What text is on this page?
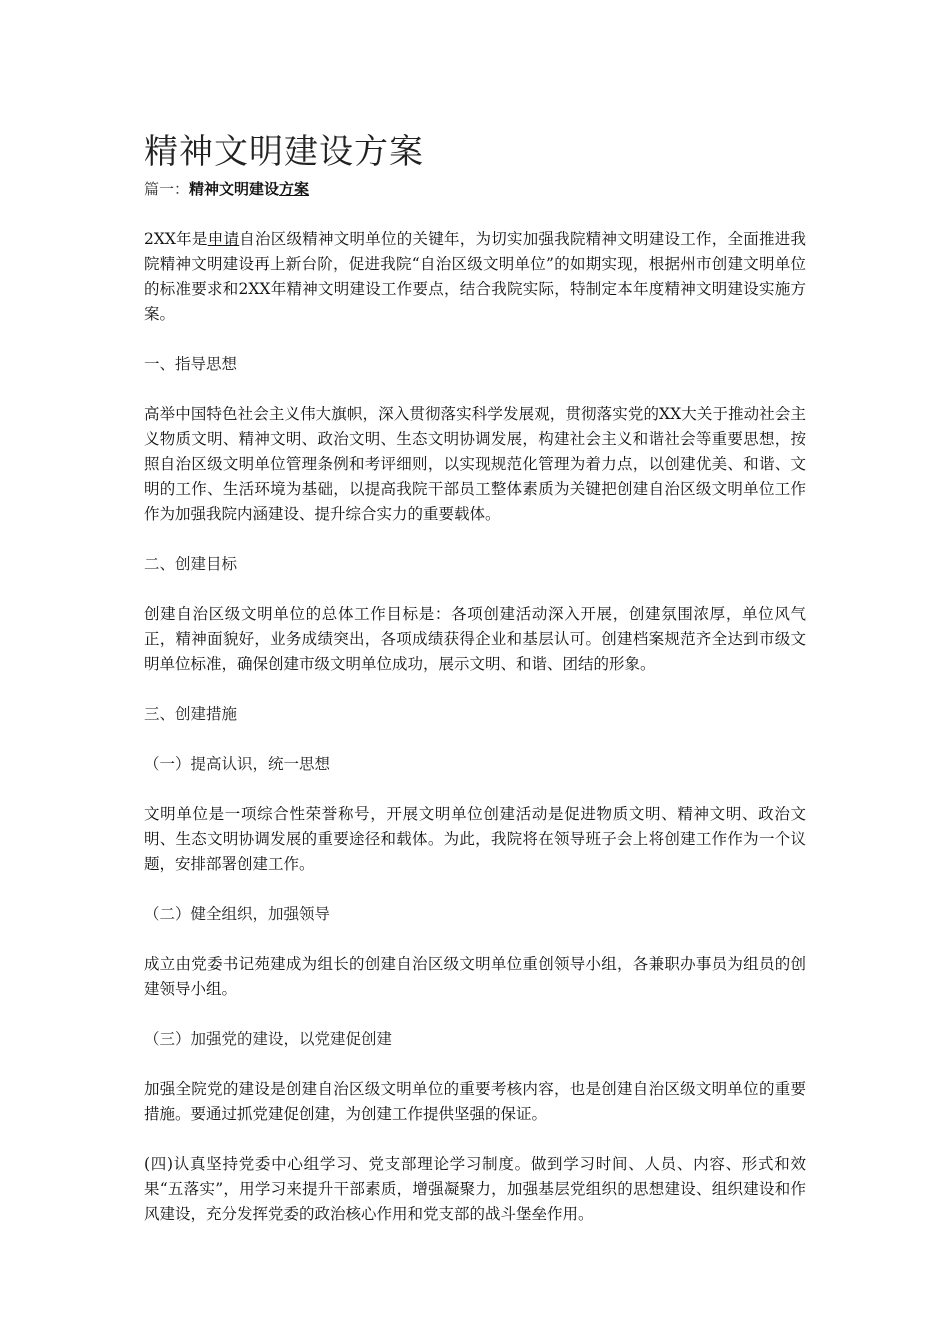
精神文明建设方案
篇一：精神文明建设方案

2XX年是申请自治区级精神文明单位的关键年，为切实加强我院精神文明建设工作，全面推进我院精神文明建设再上新台阶，促进我院“自治区级文明单位”的如期实现，根据州市创建文明单位的标准要求和2XX年精神文明建设工作要点，结合我院实际，特制定本年度精神文明建设实施方案。

一、指导思想

高举中国特色社会主义伟大旗帜，深入贯彻落实科学发展观，贯彻落实党的XX大关于推动社会主义物质文明、精神文明、政治文明、生态文明协调发展，构建社会主义和谐社会等重要思想，按照自治区级文明单位管理条例和考评细则，以实现规范化管理为着力点，以创建优美、和谐、文明的工作、生活环境为基础，以提高我院干部员工整体素质为关键把创建自治区级文明单位工作作为加强我院内涵建设、提升综合实力的重要载体。

二、创建目标

创建自治区级文明单位的总体工作目标是：各项创建活动深入开展，创建氛围浓厚，单位风气正，精神面貌好，业务成绩突出，各项成绩获得企业和基层认可。创建档案规范齐全达到市级文明单位标准，确保创建市级文明单位成功，展示文明、和谐、团结的形象。

三、创建措施
（一）提高认识，统一思想

文明单位是一项综合性荣誉称号，开展文明单位创建活动是促进物质文明、精神文明、政治文明、生态文明协调发展的重要途径和载体。为此，我院将在领导班子会上将创建工作作为一个议题，安排部署创建工作。

（二）健全组织，加强领导

成立由党委书记苑建成为组长的创建自治区级文明单位重创领导小组，各兼职办事员为组员的创建领导小组。

（三）加强党的建设，以党建促创建

加强全院党的建设是创建自治区级文明单位的重要考核内容，也是创建自治区级文明单位的重要措施。要通过抓党建促创建，为创建工作提供坚强的保证。

(四)认真坚持党委中心组学习、党支部理论学习制度。做到学习时间、人员、内容、形式和效果“五落实”，用学习来提升干部素质，增强凝聚力，加强基层党组织的思想建设、组织建设和作风建设，充分发挥党委的政治核心作用和党支部的战斗堡垒作用。
